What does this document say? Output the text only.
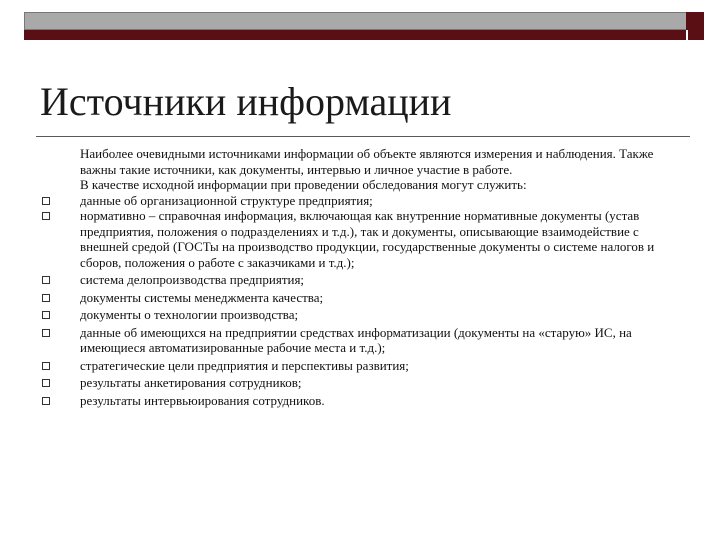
Источники информации
Наиболее очевидными источниками информации об объекте являются измерения и наблюдения. Также важны такие источники, как документы, интервью и личное участие в работе.
В качестве исходной информации при проведении обследования могут служить:
данные об организационной структуре предприятия;
нормативно – справочная информация, включающая как внутренние нормативные документы (устав предприятия, положения о подразделениях и т.д.), так и документы, описывающие взаимодействие с внешней средой (ГОСТы на производство продукции, государственные документы о системе налогов и сборов, положения о работе с заказчиками и т.д.);
система делопроизводства предприятия;
документы системы менеджмента качества;
документы о технологии производства;
данные об имеющихся на предприятии средствах информатизации (документы на «старую» ИС, на имеющиеся автоматизированные рабочие места и т.д.);
стратегические цели предприятия и перспективы развития;
результаты анкетирования сотрудников;
результаты интервьюирования сотрудников.
